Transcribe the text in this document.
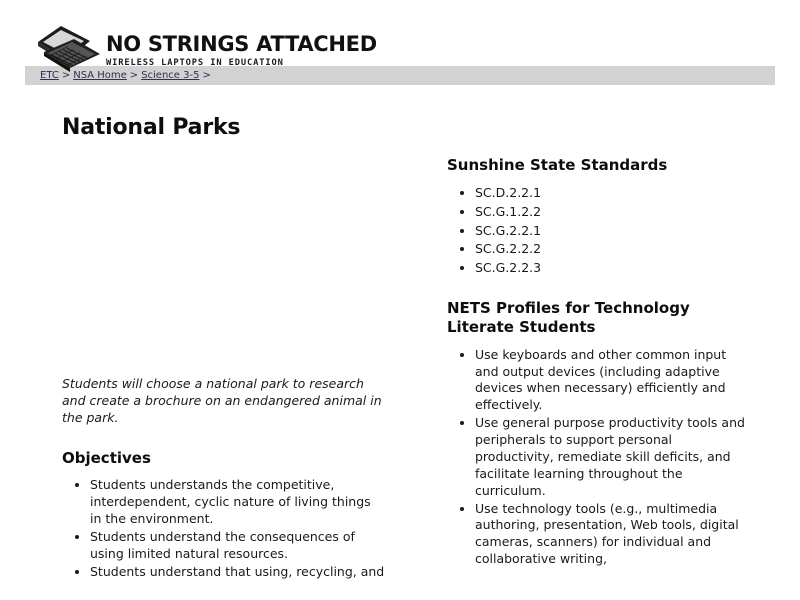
NO STRINGS ATTACHED
WIRELESS LAPTOPS IN EDUCATION
ETC > NSA Home > Science 3-5 >
National Parks

Students will choose a national park to research and create a brochure on an endangered animal in the park.

Objectives
• Students understands the competitive, interdependent, cyclic nature of living things in the environment.
• Students understand the consequences of using limited natural resources.
• Students understand that using, recycling, and
Sunshine State Standards
• SC.D.2.2.1
• SC.G.1.2.2
• SC.G.2.2.1
• SC.G.2.2.2
• SC.G.2.2.3
NETS Profiles for Technology Literate Students
• Use keyboards and other common input and output devices (including adaptive devices when necessary) efficiently and effectively.
• Use general purpose productivity tools and peripherals to support personal productivity, remediate skill deficits, and facilitate learning throughout the curriculum.
• Use technology tools (e.g., multimedia authoring, presentation, Web tools, digital cameras, scanners) for individual and collaborative writing,
